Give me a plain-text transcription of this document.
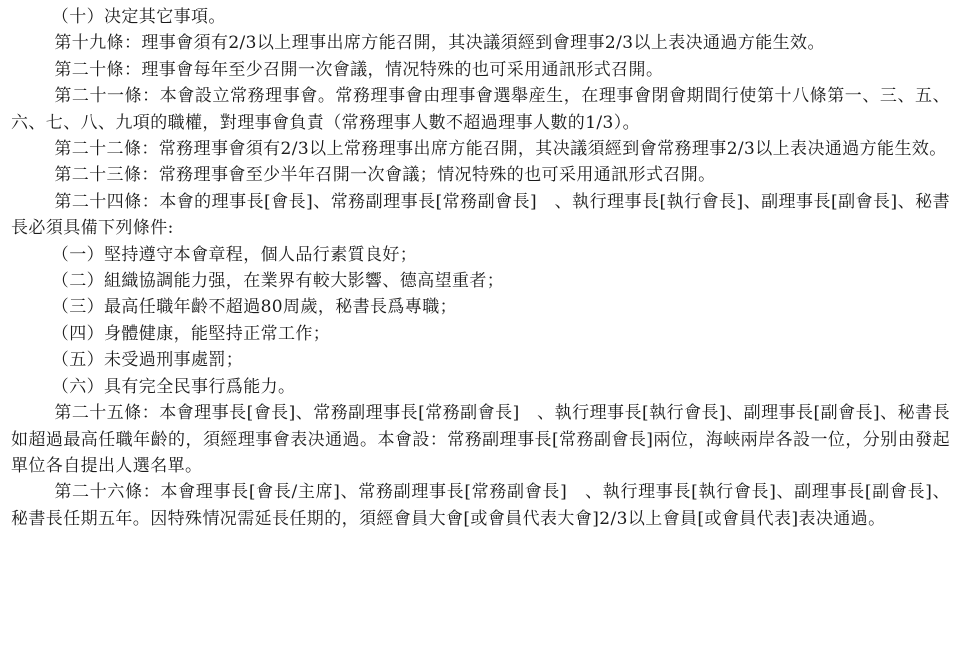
（十）决定其它事項。

第十九條：理事會須有2/3以上理事出席方能召開，其决議須經到會理事2/3以上表决通過方能生效。

第二十條：理事會每年至少召開一次會議，情况特殊的也可采用通訊形式召開。

第二十一條：本會設立常務理事會。常務理事會由理事會選舉産生，在理事會閉會期間行使第十八條第一、三、五、六、七、八、九項的職權，對理事會負責（常務理事人數不超過理事人數的1/3）。

第二十二條：常務理事會須有2/3以上常務理事出席方能召開，其决議須經到會常務理事2/3以上表决通過方能生效。

第二十三條：常務理事會至少半年召開一次會議；情况特殊的也可采用通訊形式召開。

第二十四條：本會的理事長[會長]、常務副理事長[常務副會長]　、執行理事長[執行會長]、副理事長[副會長]、秘書長必須具備下列條件:

（一）堅持遵守本會章程，個人品行素質良好；

（二）組織協調能力强，在業界有較大影響、德高望重者；

（三）最高任職年齡不超過80周歲，秘書長爲專職；

（四）身體健康，能堅持正常工作；

（五）未受過刑事處罰；

（六）具有完全民事行爲能力。

第二十五條：本會理事長[會長]、常務副理事長[常務副會長]　、執行理事長[執行會長]、副理事長[副會長]、秘書長如超過最高任職年齡的，須經理事會表决通過。本會設：常務副理事長[常務副會長]兩位，海峡兩岸各設一位，分别由發起單位各自提出人選名單。

第二十六條：本會理事長[會長/主席]、常務副理事長[常務副會長]　、執行理事長[執行會長]、副理事長[副會長]、秘書長任期五年。因特殊情况需延長任期的，須經會員大會[或會員代表大會]2/3以上會員[或會員代表]表决通過。
